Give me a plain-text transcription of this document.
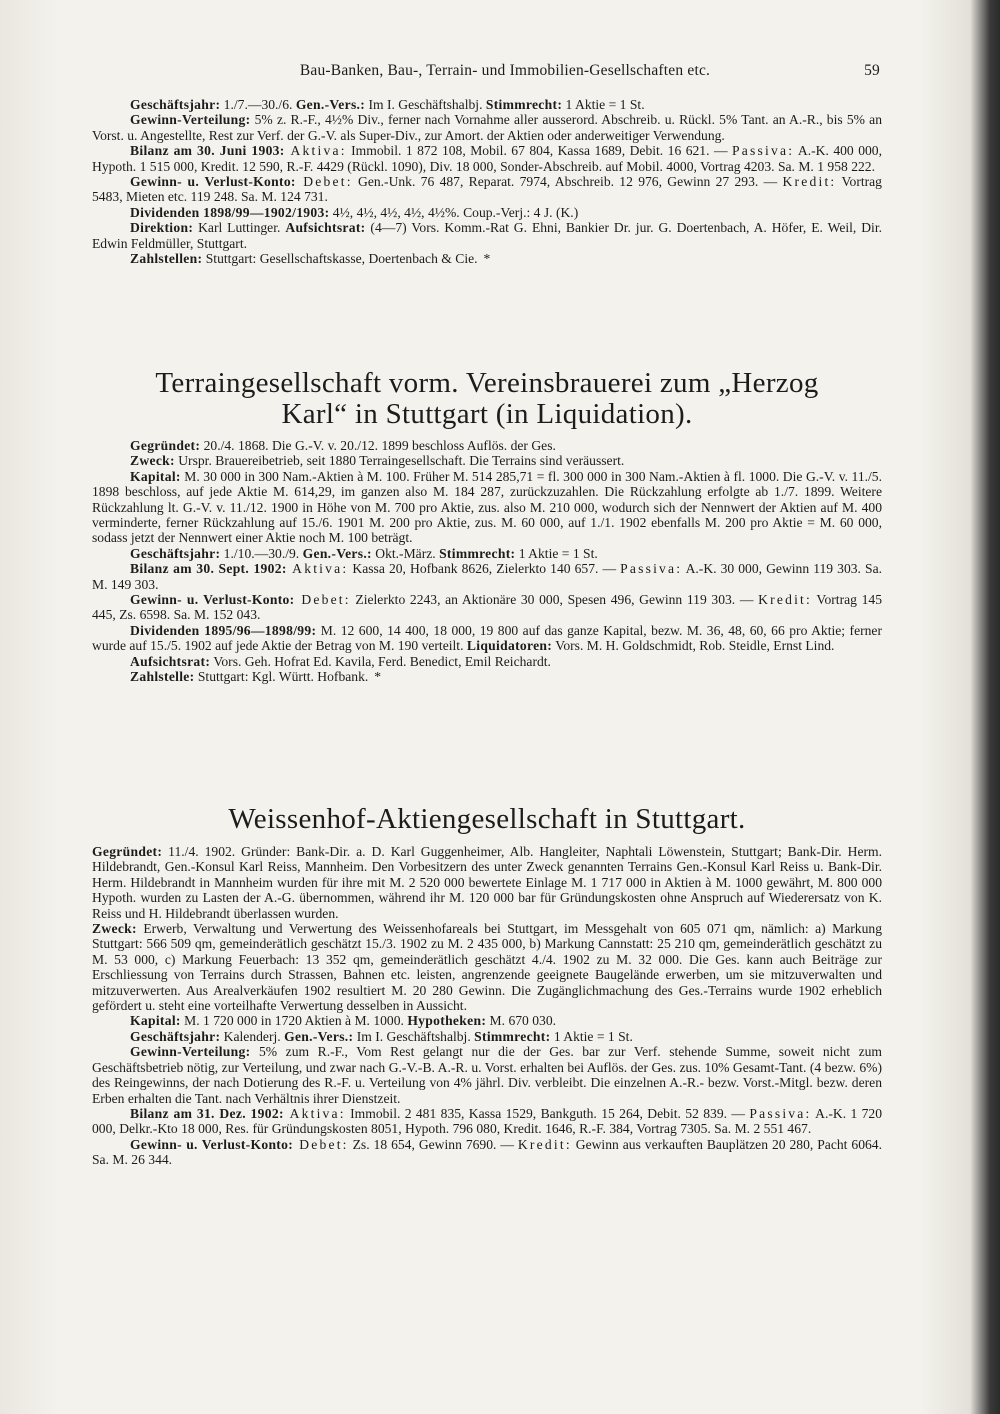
Bau-Banken, Bau-, Terrain- und Immobilien-Gesellschaften etc.	59

Geschäftsjahr: 1./7.—30./6. Gen.-Vers.: Im I. Geschäftshalbj. Stimmrecht: 1 Aktie = 1 St.

Gewinn-Verteilung: 5% z. R.-F., 4½% Div., ferner nach Vornahme aller ausserord. Abschreib. u. Rückl. 5% Tant. an A.-R., bis 5% an Vorst. u. Angestellte, Rest zur Verf. der G.-V. als Super-Div., zur Amort. der Aktien oder anderweitiger Verwendung.

Bilanz am 30. Juni 1903: Aktiva: Immobil. 1 872 108, Mobil. 67 804, Kassa 1689, Debit. 16 621. — Passiva: A.-K. 400 000, Hypoth. 1 515 000, Kredit. 12 590, R.-F. 4429 (Rückl. 1090), Div. 18 000, Sonder-Abschreib. auf Mobil. 4000, Vortrag 4203. Sa. M. 1 958 222.

Gewinn- u. Verlust-Konto: Debet: Gen.-Unk. 76 487, Reparat. 7974, Abschreib. 12 976, Gewinn 27 293. — Kredit: Vortrag 5483, Mieten etc. 119 248. Sa. M. 124 731.

Dividenden 1898/99—1902/1903: 4½, 4½, 4½, 4½, 4½%. Coup.-Verj.: 4 J. (K.)

Direktion: Karl Luttinger. Aufsichtsrat: (4—7) Vors. Komm.-Rat G. Ehni, Bankier Dr. jur. G. Doertenbach, A. Höfer, E. Weil, Dir. Edwin Feldmüller, Stuttgart.

Zahlstellen: Stuttgart: Gesellschaftskasse, Doertenbach & Cie. *

Terraingesellschaft vorm. Vereinsbrauerei zum „Herzog
Karl“ in Stuttgart (in Liquidation).

Gegründet: 20./4. 1868. Die G.-V. v. 20./12. 1899 beschloss Auflös. der Ges.

Zweck: Urspr. Brauereibetrieb, seit 1880 Terraingesellschaft. Die Terrains sind veräussert.

Kapital: M. 30 000 in 300 Nam.-Aktien à M. 100. Früher M. 514 285,71 = fl. 300 000 in 300 Nam.-Aktien à fl. 1000. Die G.-V. v. 11./5. 1898 beschloss, auf jede Aktie M. 614,29, im ganzen also M. 184 287, zurückzuzahlen. Die Rückzahlung erfolgte ab 1./7. 1899. Weitere Rückzahlung lt. G.-V. v. 11./12. 1900 in Höhe von M. 700 pro Aktie, zus. also M. 210 000, wodurch sich der Nennwert der Aktien auf M. 400 verminderte, ferner Rückzahlung auf 15./6. 1901 M. 200 pro Aktie, zus. M. 60 000, auf 1./1. 1902 ebenfalls M. 200 pro Aktie = M. 60 000, sodass jetzt der Nennwert einer Aktie noch M. 100 beträgt.

Geschäftsjahr: 1./10.—30./9. Gen.-Vers.: Okt.-März. Stimmrecht: 1 Aktie = 1 St.

Bilanz am 30. Sept. 1902: Aktiva: Kassa 20, Hofbank 8626, Zielerkto 140 657. — Passiva: A.-K. 30 000, Gewinn 119 303. Sa. M. 149 303.

Gewinn- u. Verlust-Konto: Debet: Zielerkto 2243, an Aktionäre 30 000, Spesen 496, Gewinn 119 303. — Kredit: Vortrag 145 445, Zs. 6598. Sa. M. 152 043.

Dividenden 1895/96—1898/99: M. 12 600, 14 400, 18 000, 19 800 auf das ganze Kapital, bezw. M. 36, 48, 60, 66 pro Aktie; ferner wurde auf 15./5. 1902 auf jede Aktie der Betrag von M. 190 verteilt. Liquidatoren: Vors. M. H. Goldschmidt, Rob. Steidle, Ernst Lind.

Aufsichtsrat: Vors. Geh. Hofrat Ed. Kavila, Ferd. Benedict, Emil Reichardt.

Zahlstelle: Stuttgart: Kgl. Württ. Hofbank. *

Weissenhof-Aktiengesellschaft in Stuttgart.

Gegründet: 11./4. 1902. Gründer: Bank-Dir. a. D. Karl Guggenheimer, Alb. Hangleiter, Naphtali Löwenstein, Stuttgart; Bank-Dir. Herm. Hildebrandt, Gen.-Konsul Karl Reiss, Mannheim. Den Vorbesitzern des unter Zweck genannten Terrains Gen.-Konsul Karl Reiss u. Bank-Dir. Herm. Hildebrandt in Mannheim wurden für ihre mit M. 2 520 000 bewertete Einlage M. 1 717 000 in Aktien à M. 1000 gewährt, M. 800 000 Hypoth. wurden zu Lasten der A.-G. übernommen, während ihr M. 120 000 bar für Gründungskosten ohne Anspruch auf Wiederersatz von K. Reiss und H. Hildebrandt überlassen wurden.

Zweck: Erwerb, Verwaltung und Verwertung des Weissenhofareals bei Stuttgart, im Messgehalt von 605 071 qm, nämlich: a) Markung Stuttgart: 566 509 qm, gemeinderätlich geschätzt 15./3. 1902 zu M. 2 435 000, b) Markung Cannstatt: 25 210 qm, gemeinderätlich geschätzt zu M. 53 000, c) Markung Feuerbach: 13 352 qm, gemeinderätlich geschätzt 4./4. 1902 zu M. 32 000. Die Ges. kann auch Beiträge zur Erschliessung von Terrains durch Strassen, Bahnen etc. leisten, angrenzende geeignete Baugelände erwerben, um sie mitzuverwalten und mitzuverwerten. Aus Arealverkäufen 1902 resultiert M. 20 280 Gewinn. Die Zugänglichmachung des Ges.-Terrains wurde 1902 erheblich gefördert u. steht eine vorteilhafte Verwertung desselben in Aussicht.

Kapital: M. 1 720 000 in 1720 Aktien à M. 1000. Hypotheken: M. 670 030.

Geschäftsjahr: Kalenderj. Gen.-Vers.: Im I. Geschäftshalbj. Stimmrecht: 1 Aktie = 1 St.

Gewinn-Verteilung: 5% zum R.-F., Vom Rest gelangt nur die der Ges. bar zur Verf. stehende Summe, soweit nicht zum Geschäftsbetrieb nötig, zur Verteilung, und zwar nach G.-V.-B. A.-R. u. Vorst. erhalten bei Auflös. der Ges. zus. 10% Gesamt-Tant. (4 bezw. 6%) des Reingewinns, der nach Dotierung des R.-F. u. Verteilung von 4% jährl. Div. verbleibt. Die einzelnen A.-R.- bezw. Vorst.-Mitgl. bezw. deren Erben erhalten die Tant. nach Verhältnis ihrer Dienstzeit.

Bilanz am 31. Dez. 1902: Aktiva: Immobil. 2 481 835, Kassa 1529, Bankguth. 15 264, Debit. 52 839. — Passiva: A.-K. 1 720 000, Delkr.-Kto 18 000, Res. für Gründungskosten 8051, Hypoth. 796 080, Kredit. 1646, R.-F. 384, Vortrag 7305. Sa. M. 2 551 467.

Gewinn- u. Verlust-Konto: Debet: Zs. 18 654, Gewinn 7690. — Kredit: Gewinn aus verkauften Bauplätzen 20 280, Pacht 6064. Sa. M. 26 344.
